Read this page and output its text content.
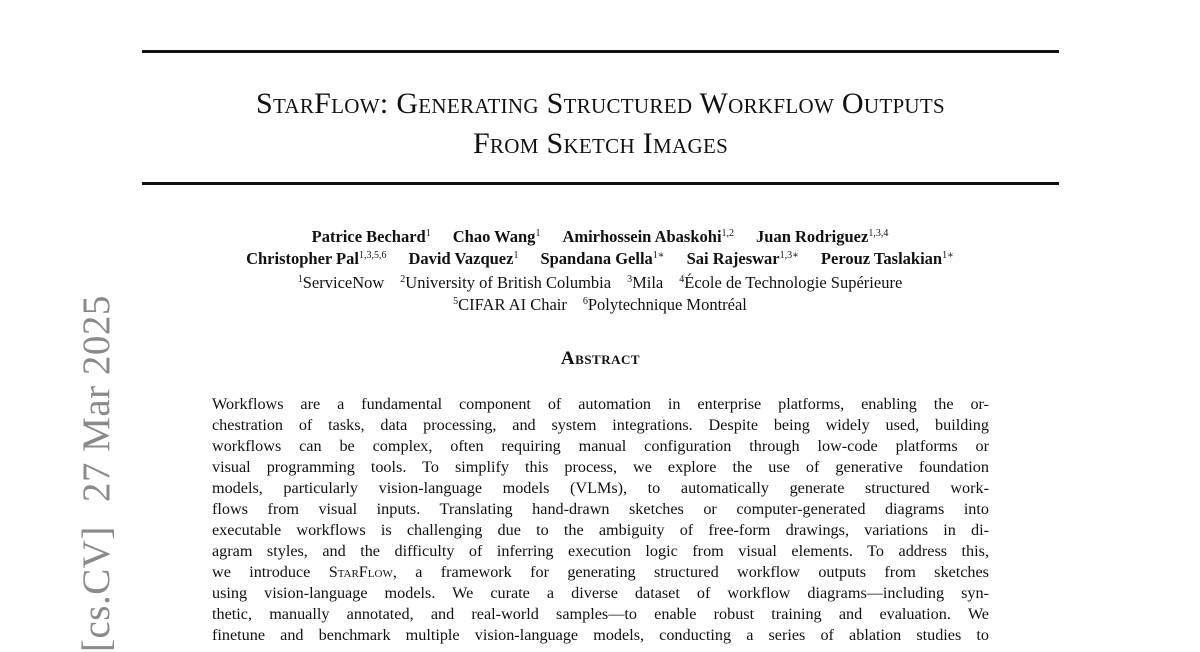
StarFlow: Generating Structured Workflow Outputs
From Sketch Images
Patrice Bechard$^1$ Chao Wang$^1$ Amirhossein Abaskohi$^{1,2}$ Juan Rodriguez$^{1,3,4}$
Christopher Pal$^{1,3,5,6}$ David Vazquez$^1$ Spandana Gella$^{1∗}$ Sai Rajeswar$^{1,3∗}$ Perouz Taslakian$^{1∗}$
$^1$ServiceNow $^2$University of British Columbia $^3$Mila $^4$École de Technologie Supérieure
$^5$CIFAR AI Chair $^6$Polytechnique Montréal
Abstract
Workflows are a fundamental component of automation in enterprise platforms, enabling the or-
chestration of tasks, data processing, and system integrations. Despite being widely used, building
workflows can be complex, often requiring manual configuration through low-code platforms or
visual programming tools. To simplify this process, we explore the use of generative foundation
models, particularly vision-language models (VLMs), to automatically generate structured work-
flows from visual inputs. Translating hand-drawn sketches or computer-generated diagrams into
executable workflows is challenging due to the ambiguity of free-form drawings, variations in di-
agram styles, and the difficulty of inferring execution logic from visual elements. To address this,
we introduce StarFlow, a framework for generating structured workflow outputs from sketches
using vision-language models. We curate a diverse dataset of workflow diagrams—including syn-
thetic, manually annotated, and real-world samples—to enable robust training and evaluation. We
finetune and benchmark multiple vision-language models, conducting a series of ablation studies to
[cs.CV]27 Mar 2025
